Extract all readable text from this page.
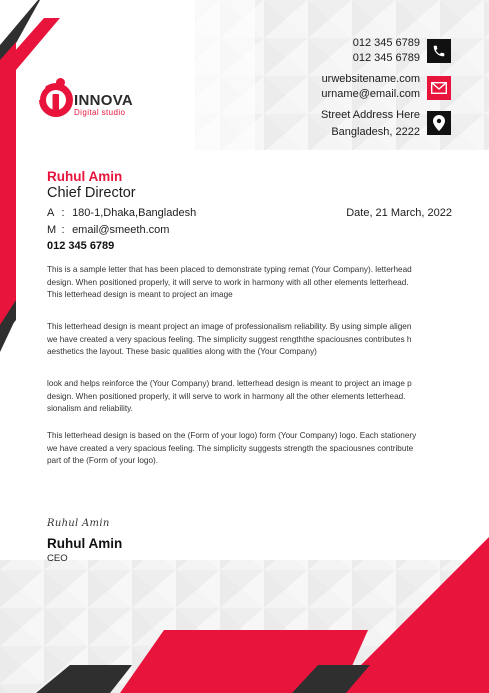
INNOVA
Digital studio
012 345 6789
012 345 6789
urwebsitename.com
urname@email.com
Street Address Here
Bangladesh, 2222
Ruhul Amin
Chief Director
A : 180-1,Dhaka,Bangladesh
M : email@smeeth.com
012 345 6789
Date, 21 March, 2022
This is a sample letter that has been placed to demonstrate typing remat (Your Company). letterhead
design. When positioned properly, it will serve to work in harmony with all other elements letterhead.
This letterhead design is meant to project an image
This letterhead design is meant project an image of professionalism reliability. By using simple aligen
we have created a very spacious feeling. The simplicity suggest rengththe spaciousnes contributes h
aesthetics the layout. These basic qualities along with the (Your Company)
look and helps reinforce the (Your Company) brand. letterhead design is meant to project an image p
design. When positioned properly, it will serve to work in harmony all the other elements letterhead.
sionalism and reliability.
This letterhead design is based on the (Form of your logo) form (Your Company) logo. Each stationery
we have created a very spacious feeling. The simplicity suggests strength the spaciousnes contribute
part of the (Form of your logo).
Ruhul Amin
Ruhul Amin
CEO
